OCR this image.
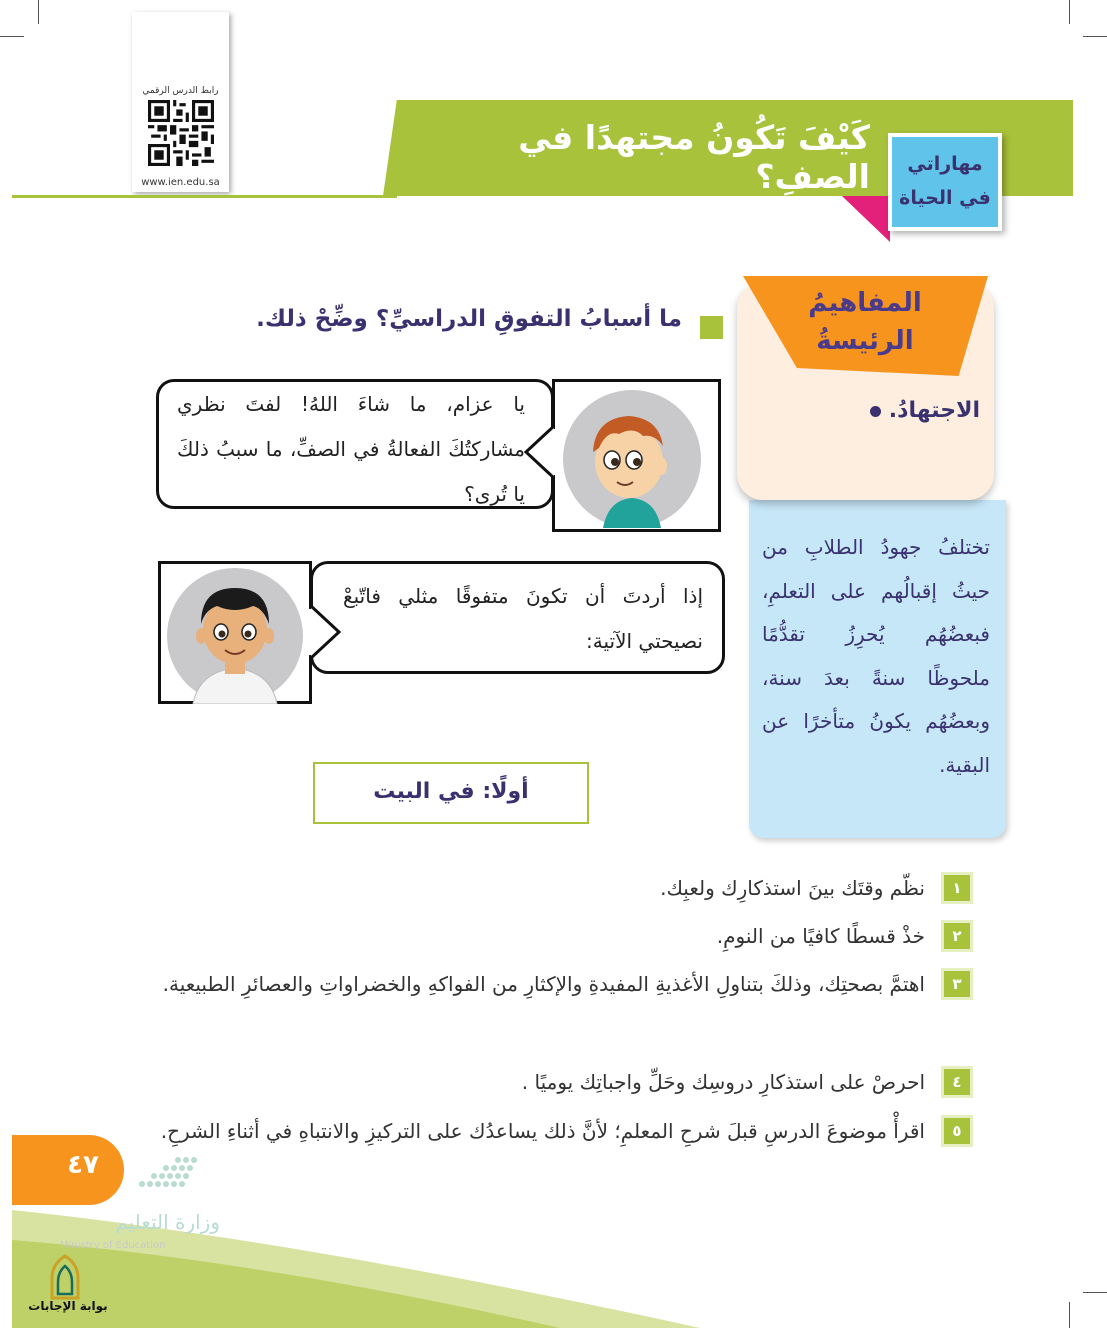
رابط الدرس الرقمي
www.ien.edu.sa
كَيْفَ تَكُونُ مجتهدًا في الصفِ؟	مهاراتي
في الحياة
المفاهيمُ
الرئيسةُ
الاجتهادُ.
تختلفُ جهودُ الطلابِ من حيثُ إقبالُهم على التعلمِ، فبعضُهُم يُحرِزُ تقدُّمًا ملحوظًا سنةً بعدَ سنة، وبعضُهُم يكونُ متأخرًا عن البقية.
ما أسبابُ التفوقِ الدراسيِّ؟ وضِّحْ ذلك.
يا عزام، ما شاءَ اللهُ! لفتَ نظري مشاركتُكَ الفعالةُ في الصفِّ، ما سببُ ذلكَ يا تُرى؟
إذا أردتَ أن تكونَ متفوقًا مثلي فاتّبعْ نصيحتي الآتية:
أولًا: في البيت
١
نظّم وقتَك بينَ استذكارِك ولعبِك.
٢
خذْ قسطًا كافيًا من النومِ.
٣
اهتمَّ بصحتِك، وذلكَ بتناولِ الأغذيةِ المفيدةِ والإكثارِ من الفواكهِ والخضراواتِ والعصائرِ الطبيعية.
٤
احرصْ على استذكارِ دروسِك وحَلِّ واجباتِك يوميًا .
٥
اقرأْ موضوعَ الدرسِ قبلَ شرحِ المعلمِ؛ لأنَّ ذلك يساعدُك على التركيزِ والانتباهِ في أثناءِ الشرحِ.
٤٧
وزارة التعليم
Ministry of Education
بوابة الإجابات
